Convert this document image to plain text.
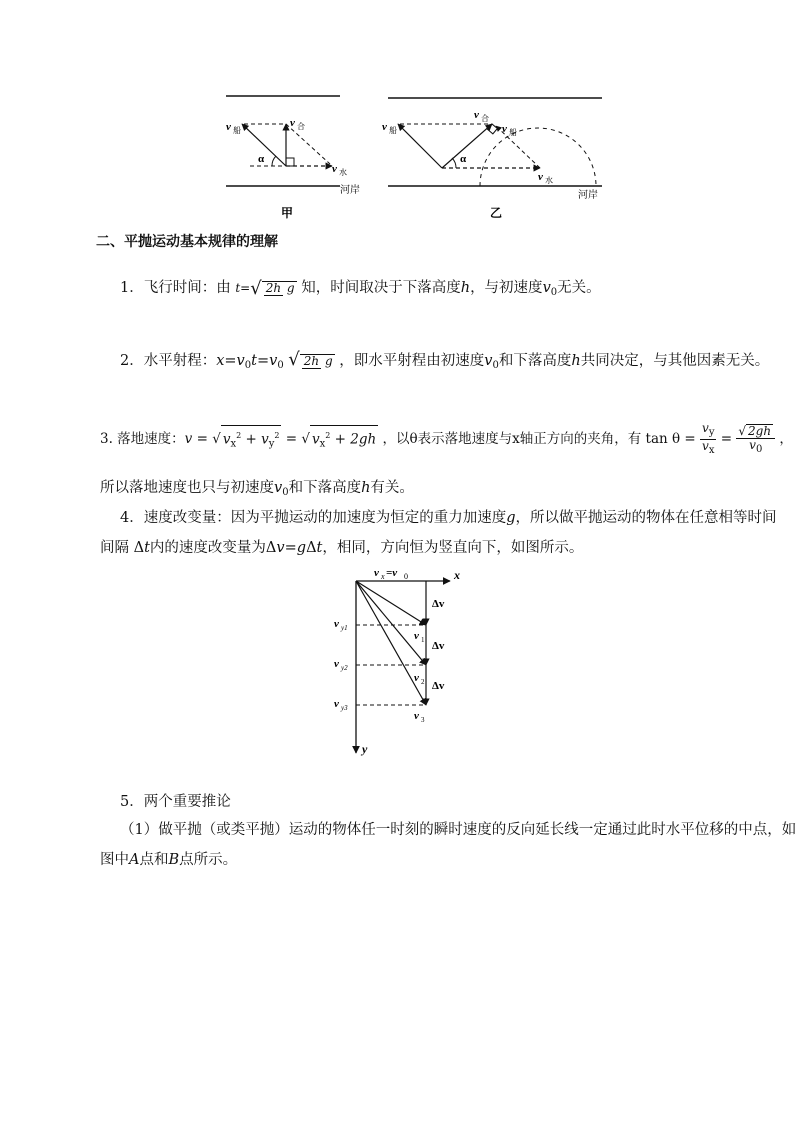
v 船
v 合
v 水
α
河岸
甲
v 船
v 合
v 船
v 水
α
河岸
乙
二、平抛运动基本规律的理解
1．飞行时间：由 t = √ 2h g 知，时间取决于下落高度h，与初速度$v_0$无关。
2．水平射程：$x=v_0t=v_0$ √ 2h g ，即水平射程由初速度$v_0$和下落高度h共同决定，与其他因素无关。
3. 落地速度：v = √ $v_x^2 + v_y^2$ = √ $v_x^2 + 2gh$ ，以θ表示落地速度与x轴正方向的夹角，有 $\tan \theta = \frac{v_y}{v_x} = \frac{√ 2gh}{v_0}$ ，
所以落地速度也只与初速度$v_0$和下落高度h有关。
4．速度改变量：因为平抛运动的加速度为恒定的重力加速度g，所以做平抛运动的物体在任意相等时间
间隔 Δt内的速度改变量为Δv=gΔt，相同，方向恒为竖直向下，如图所示。
v x =v 0	x
y
Δv
Δv
Δv
v y1
v y2
v y3
v 1
v 2
v 3
5．两个重要推论
（1）做平抛（或类平抛）运动的物体任一时刻的瞬时速度的反向延长线一定通过此时水平位移的中点，如
图中A点和B点所示。
